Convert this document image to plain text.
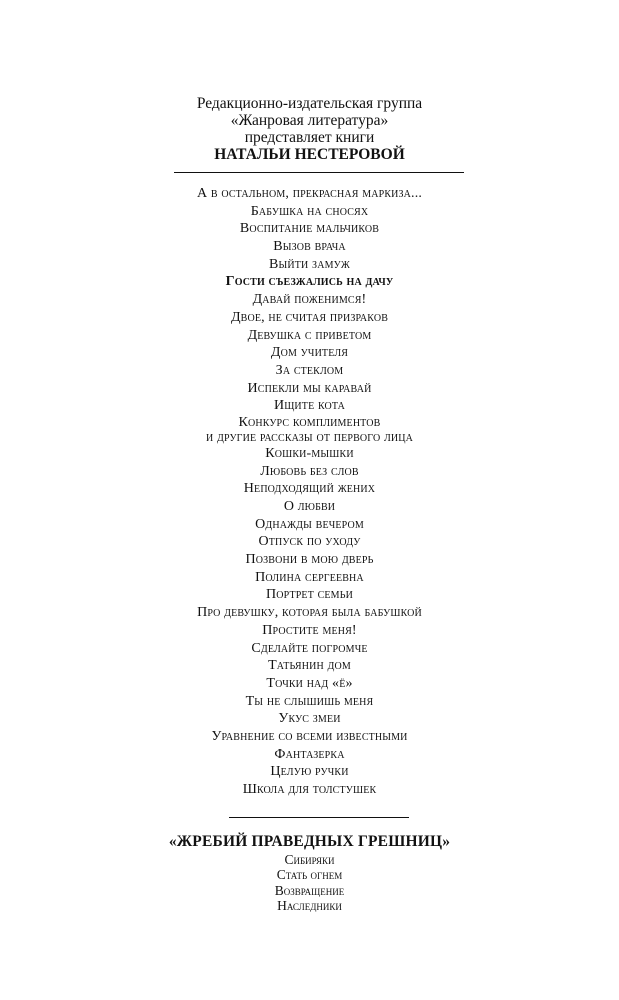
Редакционно-издательская группа
«Жанровая литература»
представляет книги
НАТАЛЬИ НЕСТЕРОВОЙ
А в остальном, прекрасная маркиза...
Бабушка на сносях
Воспитание мальчиков
Вызов врача
Выйти замуж
Гости съезжались на дачу
Давай поженимся!
Двое, не считая призраков
Девушка с приветом
Дом учителя
За стеклом
Испекли мы каравай
Ищите кота
Конкурс комплиментов
и другие рассказы от первого лица
Кошки-мышки
Любовь без слов
Неподходящий жених
О любви
Однажды вечером
Отпуск по уходу
Позвони в мою дверь
Полина сергеевна
Портрет семьи
Про девушку, которая была бабушкой
Простите меня!
Сделайте погромче
Татьянин дом
Точки над «ё»
Ты не слышишь меня
Укус змеи
Уравнение со всеми известными
Фантазерка
Целую ручки
Школа для толстушек
«ЖРЕБИЙ ПРАВЕДНЫХ ГРЕШНИЦ»
Сибиряки
Стать огнем
Возвращение
Наследники
